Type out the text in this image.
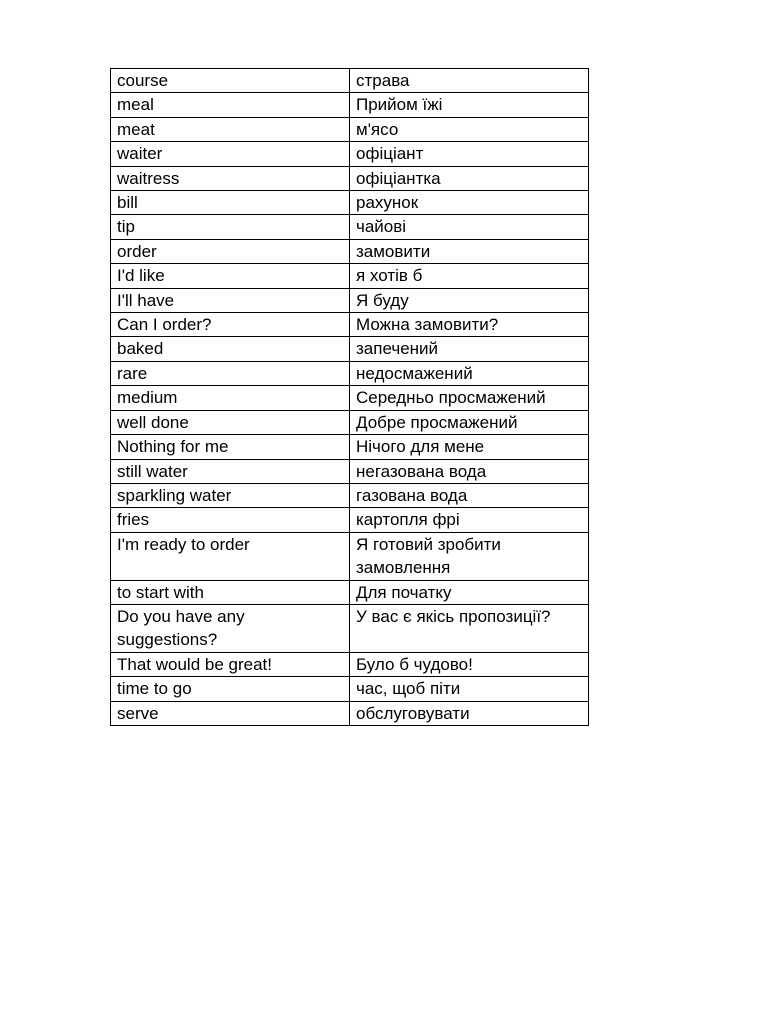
course	страва
meal	Прийом їжі
meat	м'ясо
waiter	офіціант
waitress	офіціантка
bill	рахунок
tip	чайові
order	замовити
I'd like	я хотів б
I'll have	Я буду
Can I order?	Можна замовити?
baked	запечений
rare	недосмажений
medium	Середньо просмажений
well done	Добре просмажений
Nothing for me	Нічого для мене
still water	негазована вода
sparkling water	газована вода
fries	картопля фрі
I'm ready to order	Я готовий зробити замовлення
to start with	Для початку
Do you have any suggestions?	У вас є якісь пропозиції?
That would be great!	Було б чудово!
time to go	час, щоб піти
serve	обслуговувати
